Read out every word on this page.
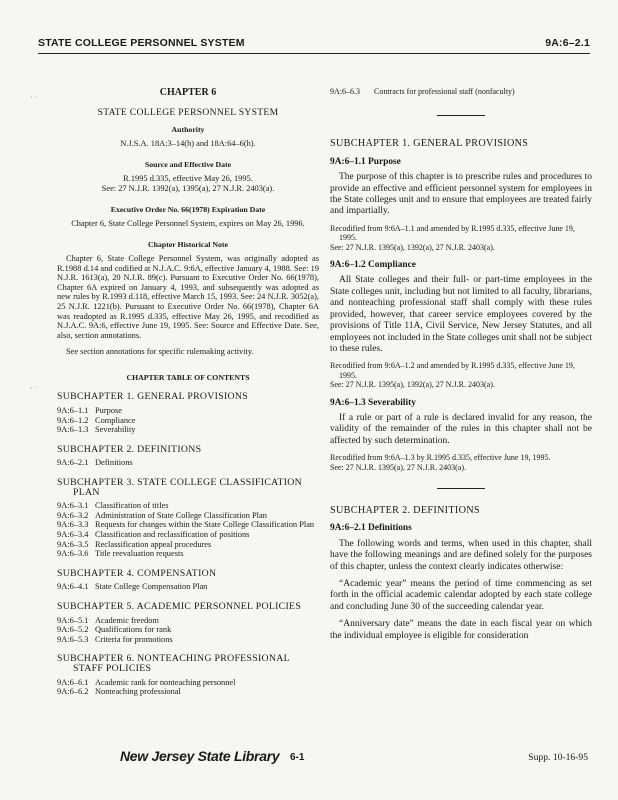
STATE COLLEGE PERSONNEL SYSTEM	9A:6–2.1
· ·
- ·
CHAPTER 6
STATE COLLEGE PERSONNEL SYSTEM
Authority

N.J.S.A. 18A:3–14(h) and 18A:64–6(h).

Source and Effective Date

R.1995 d.335, effective May 26, 1995.

See: 27 N.J.R. 1392(a), 1395(a), 27 N.J.R. 2403(a).

Executive Order No. 66(1978) Expiration Date

Chapter 6, State College Personnel System, expires on May 26, 1996.

Chapter Historical Note

Chapter 6, State College Personnel System, was originally adopted as R.1988 d.14 and codified at N.J.A.C. 9:6A, effective January 4, 1988. See: 19 N.J.R. 1613(a), 20 N.J.R. 89(c). Pursuant to Executive Order No. 66(1978), Chapter 6A expired on January 4, 1993, and subsequently was adopted as new rules by R.1993 d.118, effective March 15, 1993. See: 24 N.J.R. 3052(a), 25 N.J.R. 1221(b). Pursuant to Executive Order No. 66(1978), Chapter 6A was readopted as R.1995 d.335, effective May 26, 1995, and recodified as N.J.A.C. 9A:6, effective June 19, 1995. See: Source and Effective Date. See, also, section annotations.

See section annotations for specific rulemaking activity.

CHAPTER TABLE OF CONTENTS
SUBCHAPTER 1. GENERAL PROVISIONS
9A:6–1.1 Purpose
9A:6–1.2 Compliance
9A:6–1.3 Severability
SUBCHAPTER 2. DEFINITIONS
9A:6–2.1 Definitions
SUBCHAPTER 3. STATE COLLEGE CLASSIFICATION PLAN
9A:6–3.1 Classification of titles
9A:6–3.2 Administration of State College Classification Plan
9A:6–3.3 Requests for changes within the State College Classification Plan
9A:6–3.4 Classification and reclassification of positions
9A:6–3.5 Reclassification appeal procedures
9A:6–3.6 Title reevaluation requests
SUBCHAPTER 4. COMPENSATION
9A:6–4.1 State College Compensation Plan
SUBCHAPTER 5. ACADEMIC PERSONNEL POLICIES
9A:6–5.1 Academic freedom
9A:6–5.2 Qualifications for rank
9A:6–5.3 Criteria for promotions
SUBCHAPTER 6. NONTEACHING PROFESSIONAL STAFF POLICIES
9A:6–6.1 Academic rank for nonteaching personnel
9A:6–6.2 Nonteaching professional
9A:6–6.3	Contracts for professional staff (nonfaculty)
SUBCHAPTER 1. GENERAL PROVISIONS
9A:6–1.1 Purpose

The purpose of this chapter is to prescribe rules and procedures to provide an effective and efficient personnel system for employees in the State colleges unit and to ensure that employees are treated fairly and impartially.

Recodified from 9:6A–1.1 and amended by R.1995 d.335, effective June 19, 1995.

See: 27 N.J.R. 1395(a), 1392(a), 27 N.J.R. 2403(a).

9A:6–1.2 Compliance

All State colleges and their full- or part-time employees in the State colleges unit, including but not limited to all faculty, librarians, and nonteaching professional staff shall comply with these rules provided, however, that career service employees covered by the provisions of Title 11A, Civil Service, New Jersey Statutes, and all employees not included in the State colleges unit shall not be subject to these rules.

Recodified from 9:6A–1.2 and amended by R.1995 d.335, effective June 19, 1995.

See: 27 N.J.R. 1395(a), 1392(a), 27 N.J.R. 2403(a).

9A:6–1.3 Severability

If a rule or part of a rule is declared invalid for any reason, the validity of the remainder of the rules in this chapter shall not be affected by such determination.

Recodified from 9:6A–1.3 by R.1995 d.335, effective June 19, 1995.

See: 27 N.J.R. 1395(a), 27 N.J.R. 2403(a).

SUBCHAPTER 2. DEFINITIONS
9A:6–2.1 Definitions

The following words and terms, when used in this chapter, shall have the following meanings and are defined solely for the purposes of this chapter, unless the context clearly indicates otherwise:

“Academic year” means the period of time commencing as set forth in the official academic calendar adopted by each state college and concluding June 30 of the succeeding calendar year.

“Anniversary date” means the date in each fiscal year on which the individual employee is eligible for consideration

New Jersey State Library 6-1	Supp. 10-16-95
